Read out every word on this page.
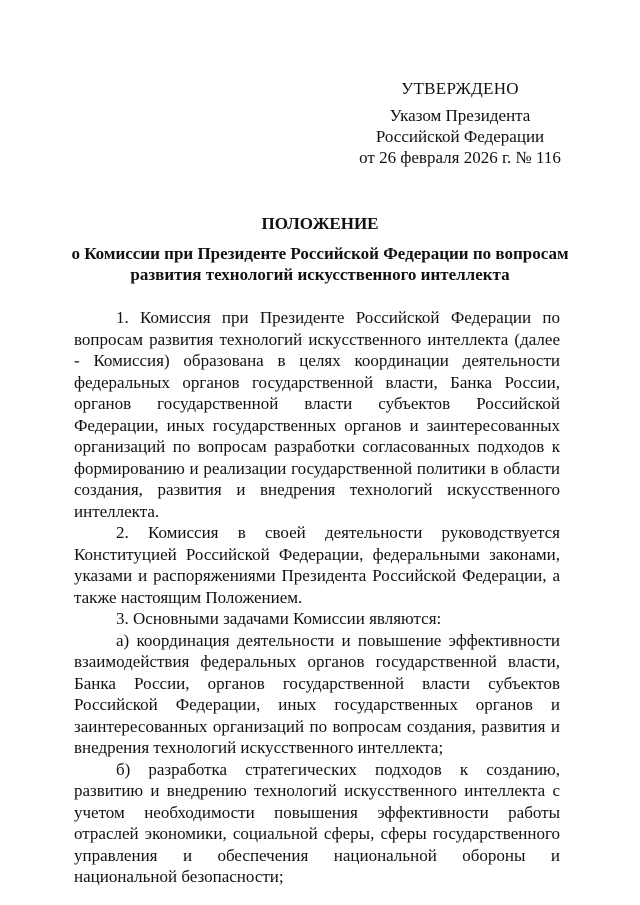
УТВЕРЖДЕНО
Указом Президента
Российской Федерации
от 26 февраля 2026 г. № 116
ПОЛОЖЕНИЕ
о Комиссии при Президенте Российской Федерации по вопросам развития технологий искусственного интеллекта

1. Комиссия при Президенте Российской Федерации по вопросам развития технологий искусственного интеллекта (далее - Комиссия) образована в целях координации деятельности федеральных органов государственной власти, Банка России, органов государственной власти субъектов Российской Федерации, иных государственных органов и заинтересованных организаций по вопросам разработки согласованных подходов к формированию и реализации государственной политики в области создания, развития и внедрения технологий искусственного интеллекта.

2. Комиссия в своей деятельности руководствуется Конституцией Российской Федерации, федеральными законами, указами и распоряжениями Президента Российской Федерации, а также настоящим Положением.

3. Основными задачами Комиссии являются:

а) координация деятельности и повышение эффективности взаимодействия федеральных органов государственной власти, Банка России, органов государственной власти субъектов Российской Федерации, иных государственных органов и заинтересованных организаций по вопросам создания, развития и внедрения технологий искусственного интеллекта;

б) разработка стратегических подходов к созданию, развитию и внедрению технологий искусственного интеллекта с учетом необходимости повышения эффективности работы отраслей экономики, социальной сферы, сферы государственного управления и обеспечения национальной обороны и национальной безопасности;
